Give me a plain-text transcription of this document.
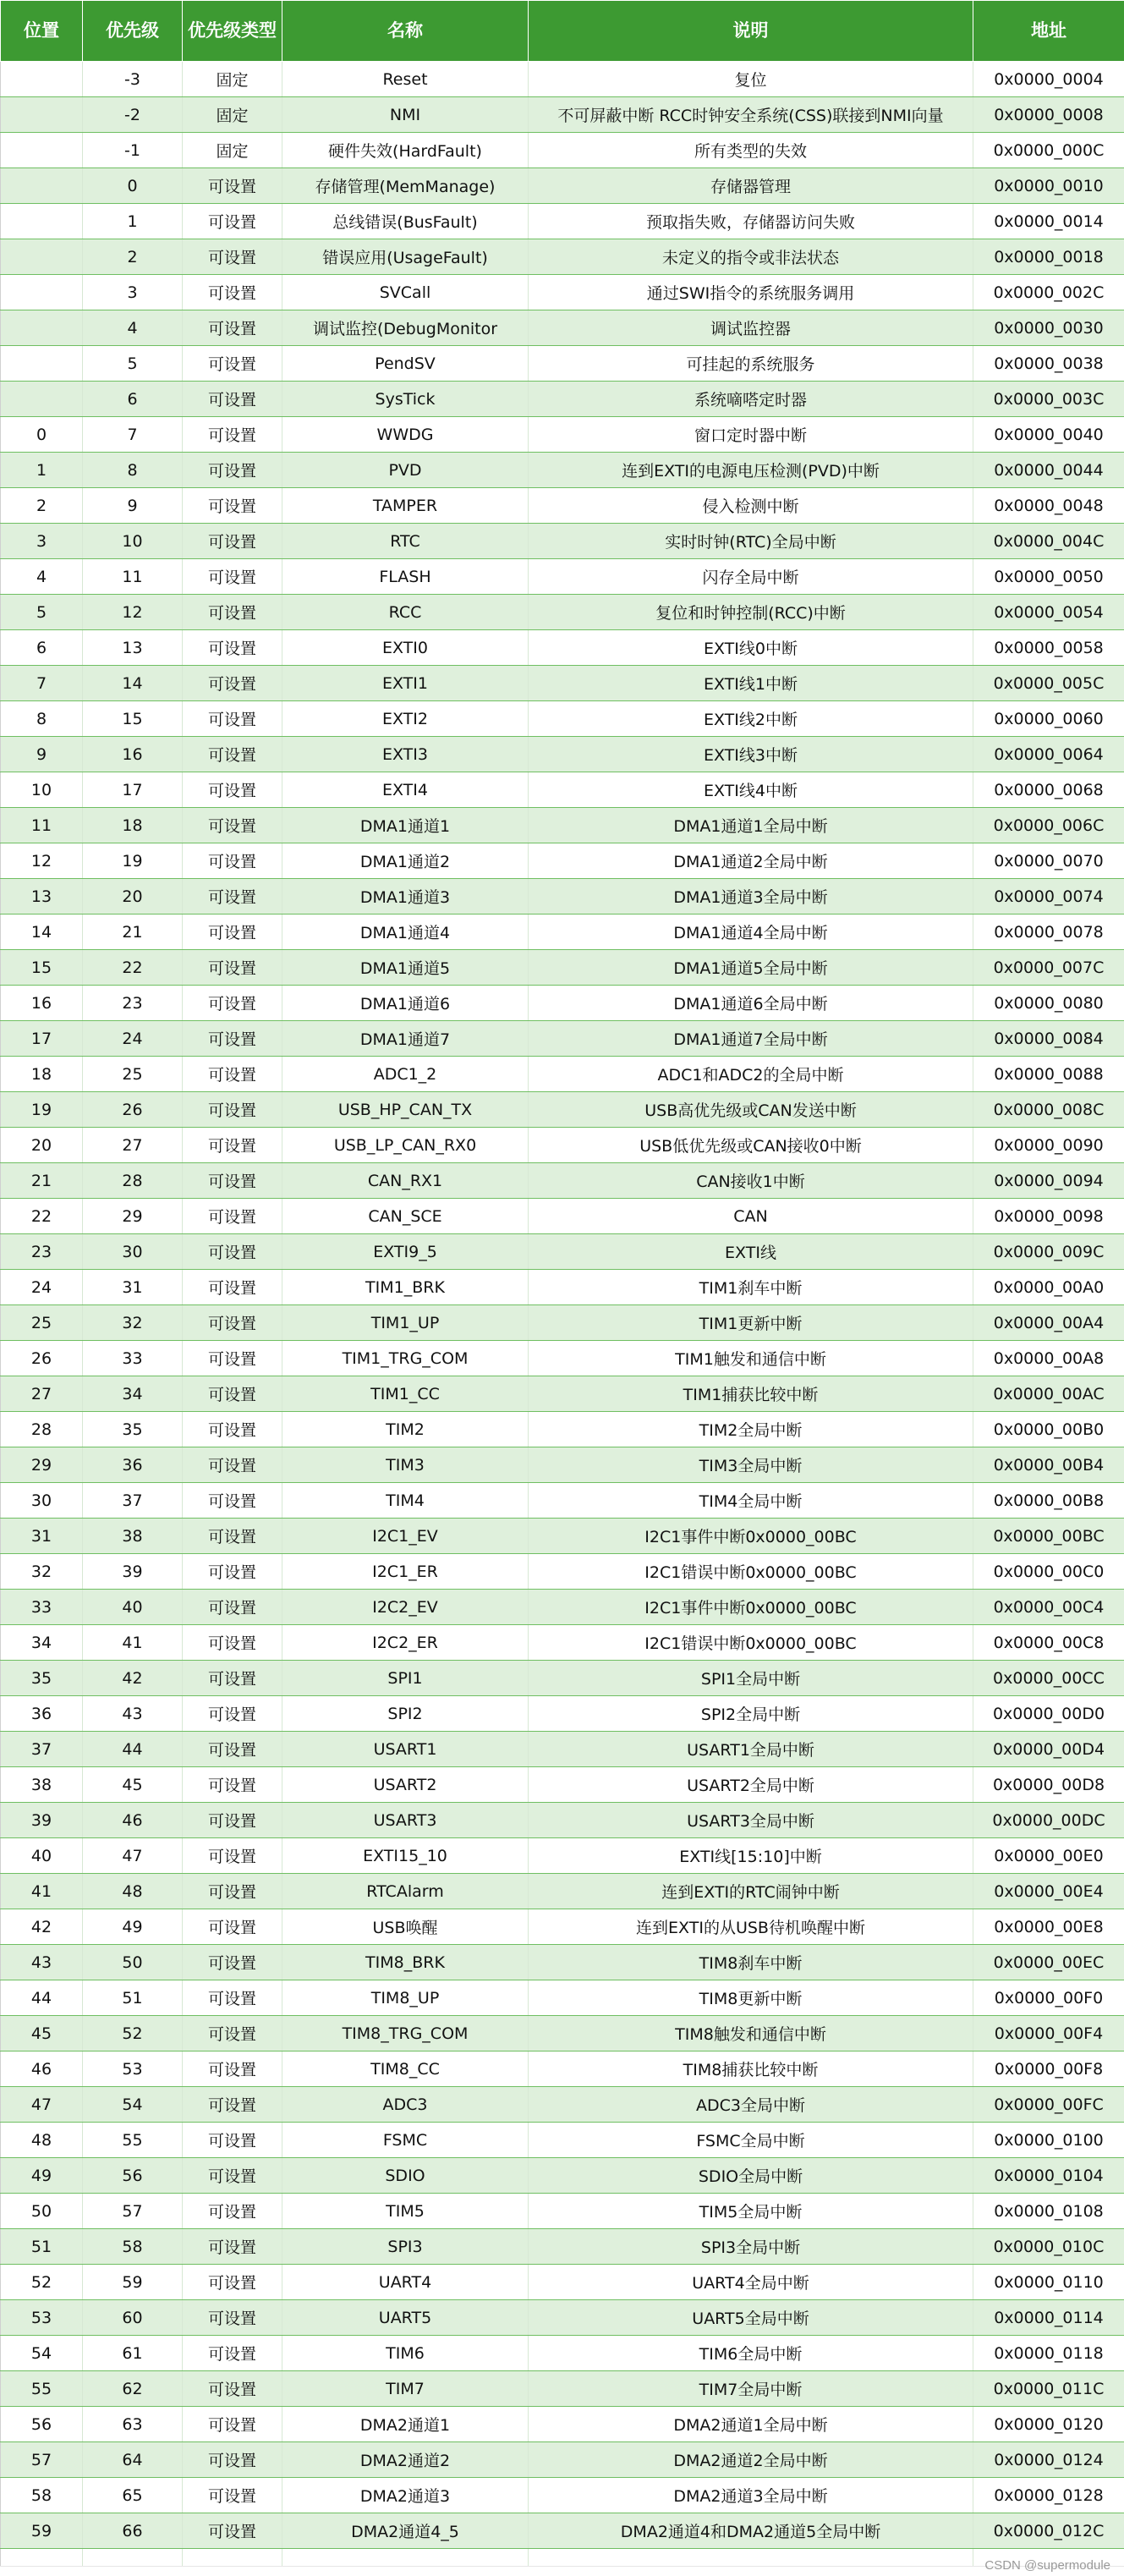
位置	优先级	优先级类型	名称	说明	地址
	-3	固定	Reset	复位	0x0000_0004
	-2	固定	NMI	不可屏蔽中断 RCC时钟安全系统(CSS)联接到NMI向量	0x0000_0008
	-1	固定	硬件失效(HardFault)	所有类型的失效	0x0000_000C
	0	可设置	存储管理(MemManage)	存储器管理	0x0000_0010
	1	可设置	总线错误(BusFault)	预取指失败，存储器访问失败	0x0000_0014
	2	可设置	错误应用(UsageFault)	未定义的指令或非法状态	0x0000_0018
	3	可设置	SVCall	通过SWI指令的系统服务调用	0x0000_002C
	4	可设置	调试监控(DebugMonitor	调试监控器	0x0000_0030
	5	可设置	PendSV	可挂起的系统服务	0x0000_0038
	6	可设置	SysTick	系统嘀嗒定时器	0x0000_003C
0	7	可设置	WWDG	窗口定时器中断	0x0000_0040
1	8	可设置	PVD	连到EXTI的电源电压检测(PVD)中断	0x0000_0044
2	9	可设置	TAMPER	侵入检测中断	0x0000_0048
3	10	可设置	RTC	实时时钟(RTC)全局中断	0x0000_004C
4	11	可设置	FLASH	闪存全局中断	0x0000_0050
5	12	可设置	RCC	复位和时钟控制(RCC)中断	0x0000_0054
6	13	可设置	EXTI0	EXTI线0中断	0x0000_0058
7	14	可设置	EXTI1	EXTI线1中断	0x0000_005C
8	15	可设置	EXTI2	EXTI线2中断	0x0000_0060
9	16	可设置	EXTI3	EXTI线3中断	0x0000_0064
10	17	可设置	EXTI4	EXTI线4中断	0x0000_0068
11	18	可设置	DMA1通道1	DMA1通道1全局中断	0x0000_006C
12	19	可设置	DMA1通道2	DMA1通道2全局中断	0x0000_0070
13	20	可设置	DMA1通道3	DMA1通道3全局中断	0x0000_0074
14	21	可设置	DMA1通道4	DMA1通道4全局中断	0x0000_0078
15	22	可设置	DMA1通道5	DMA1通道5全局中断	0x0000_007C
16	23	可设置	DMA1通道6	DMA1通道6全局中断	0x0000_0080
17	24	可设置	DMA1通道7	DMA1通道7全局中断	0x0000_0084
18	25	可设置	ADC1_2	ADC1和ADC2的全局中断	0x0000_0088
19	26	可设置	USB_HP_CAN_TX	USB高优先级或CAN发送中断	0x0000_008C
20	27	可设置	USB_LP_CAN_RX0	USB低优先级或CAN接收0中断	0x0000_0090
21	28	可设置	CAN_RX1	CAN接收1中断	0x0000_0094
22	29	可设置	CAN_SCE	CAN	0x0000_0098
23	30	可设置	EXTI9_5	EXTI线	0x0000_009C
24	31	可设置	TIM1_BRK	TIM1刹车中断	0x0000_00A0
25	32	可设置	TIM1_UP	TIM1更新中断	0x0000_00A4
26	33	可设置	TIM1_TRG_COM	TIM1触发和通信中断	0x0000_00A8
27	34	可设置	TIM1_CC	TIM1捕获比较中断	0x0000_00AC
28	35	可设置	TIM2	TIM2全局中断	0x0000_00B0
29	36	可设置	TIM3	TIM3全局中断	0x0000_00B4
30	37	可设置	TIM4	TIM4全局中断	0x0000_00B8
31	38	可设置	I2C1_EV	I2C1事件中断0x0000_00BC	0x0000_00BC
32	39	可设置	I2C1_ER	I2C1错误中断0x0000_00BC	0x0000_00C0
33	40	可设置	I2C2_EV	I2C1事件中断0x0000_00BC	0x0000_00C4
34	41	可设置	I2C2_ER	I2C1错误中断0x0000_00BC	0x0000_00C8
35	42	可设置	SPI1	SPI1全局中断	0x0000_00CC
36	43	可设置	SPI2	SPI2全局中断	0x0000_00D0
37	44	可设置	USART1	USART1全局中断	0x0000_00D4
38	45	可设置	USART2	USART2全局中断	0x0000_00D8
39	46	可设置	USART3	USART3全局中断	0x0000_00DC
40	47	可设置	EXTI15_10	EXTI线[15:10]中断	0x0000_00E0
41	48	可设置	RTCAlarm	连到EXTI的RTC闹钟中断	0x0000_00E4
42	49	可设置	USB唤醒	连到EXTI的从USB待机唤醒中断	0x0000_00E8
43	50	可设置	TIM8_BRK	TIM8刹车中断	0x0000_00EC
44	51	可设置	TIM8_UP	TIM8更新中断	0x0000_00F0
45	52	可设置	TIM8_TRG_COM	TIM8触发和通信中断	0x0000_00F4
46	53	可设置	TIM8_CC	TIM8捕获比较中断	0x0000_00F8
47	54	可设置	ADC3	ADC3全局中断	0x0000_00FC
48	55	可设置	FSMC	FSMC全局中断	0x0000_0100
49	56	可设置	SDIO	SDIO全局中断	0x0000_0104
50	57	可设置	TIM5	TIM5全局中断	0x0000_0108
51	58	可设置	SPI3	SPI3全局中断	0x0000_010C
52	59	可设置	UART4	UART4全局中断	0x0000_0110
53	60	可设置	UART5	UART5全局中断	0x0000_0114
54	61	可设置	TIM6	TIM6全局中断	0x0000_0118
55	62	可设置	TIM7	TIM7全局中断	0x0000_011C
56	63	可设置	DMA2通道1	DMA2通道1全局中断	0x0000_0120
57	64	可设置	DMA2通道2	DMA2通道2全局中断	0x0000_0124
58	65	可设置	DMA2通道3	DMA2通道3全局中断	0x0000_0128
59	66	可设置	DMA2通道4_5	DMA2通道4和DMA2通道5全局中断	0x0000_012C

CSDN @supermodule
